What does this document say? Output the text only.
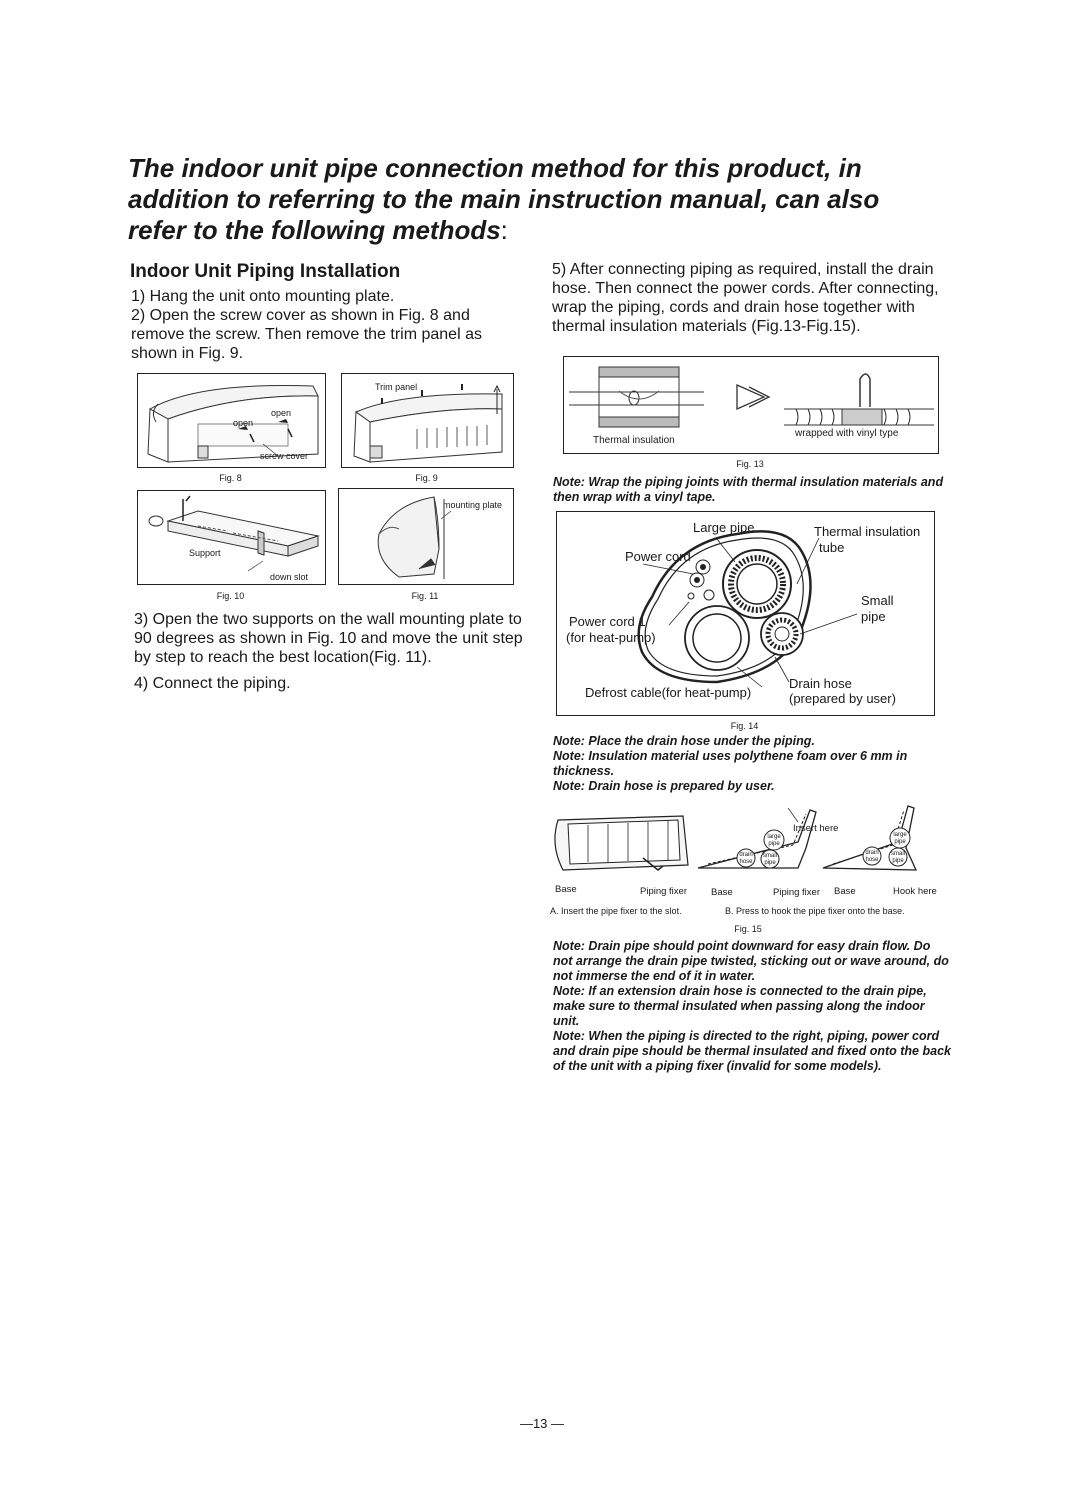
The indoor unit pipe connection method for this product, in
addition to referring to the main instruction manual, can also
refer to the following methods:
Indoor Unit Piping Installation
1) Hang the unit onto mounting plate.
2) Open the screw cover as shown in Fig. 8 and remove the screw. Then remove the trim panel as shown in Fig. 9.
open
open
screw cover
Fig. 8
Trim panel
Fig. 9
Support
down slot
Fig. 10
mounting plate
Fig. 11
3) Open the two supports on the wall mounting plate to 90 degrees as shown in Fig. 10 and move the unit step by step to reach the best location(Fig. 11).
4) Connect the piping.
5) After connecting piping as required, install the drain hose. Then connect the power cords. After connecting, wrap the piping, cords and drain hose together with thermal insulation materials (Fig.13-Fig.15).
Thermal insulation
wrapped with vinyl type
Fig. 13
Note: Wrap the piping joints with thermal insulation materials and then wrap with a vinyl tape.
Large pipe	Thermal insulation
tube
Power cord
Small
pipe
Power cord 1
(for heat-pump)
Defrost cable(for heat-pump)
Drain hose
(prepared by user)
Fig. 14
Note: Place the drain hose under the piping.
Note: Insulation material uses polythene foam over 6 mm in thickness.
Note: Drain hose is prepared by user.
Insert here
large
pipe
drain
hose
small
pipe
large
pipe
drain
hose
small
pipe
Base	Piping fixer	Base	Piping fixer Base	Hook here
A. Insert the pipe fixer to the slot.	B. Press to hook the pipe fixer onto the base.
Fig. 15
Note: Drain pipe should point downward for easy drain flow. Do not arrange the drain pipe twisted, sticking out or wave around, do not immerse the end of it in water.
Note: If an extension drain hose is connected to the drain pipe, make sure to thermal insulated when passing along the indoor unit.
Note: When the piping is directed to the right, piping, power cord and drain pipe should be thermal insulated and fixed onto the back of the unit with a piping fixer (invalid for some models).
—13 —
